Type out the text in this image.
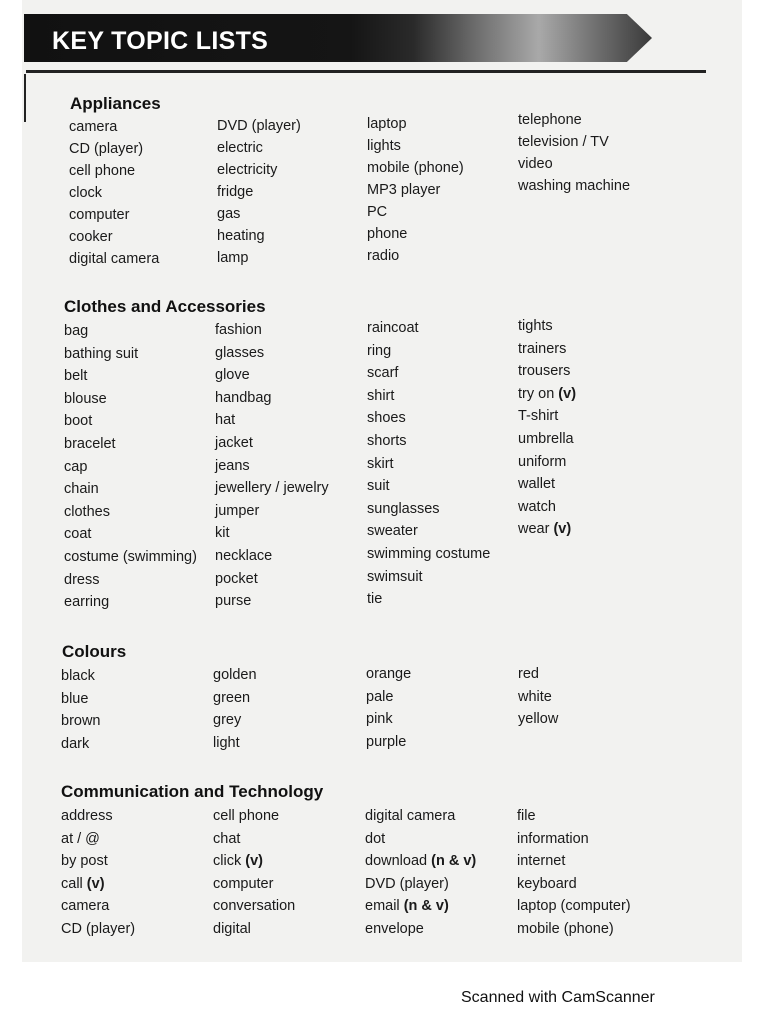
KEY TOPIC LISTS
Appliances
camera
CD (player)
cell phone
clock
computer
cooker
digital camera
DVD (player)
electric
electricity
fridge
gas
heating
lamp
laptop
lights
mobile (phone)
MP3 player
PC
phone
radio
telephone
television / TV
video
washing machine
Clothes and Accessories
bag
bathing suit
belt
blouse
boot
bracelet
cap
chain
clothes
coat
costume (swimming)
dress
earring
fashion
glasses
glove
handbag
hat
jacket
jeans
jewellery / jewelry
jumper
kit
necklace
pocket
purse
raincoat
ring
scarf
shirt
shoes
shorts
skirt
suit
sunglasses
sweater
swimming costume
swimsuit
tie
tights
trainers
trousers
try on (v)
T-shirt
umbrella
uniform
wallet
watch
wear (v)
Colours
black
blue
brown
dark
golden
green
grey
light
orange
pale
pink
purple
red
white
yellow
Communication and Technology
address
at / @
by post
call (v)
camera
CD (player)
cell phone
chat
click (v)
computer
conversation
digital
digital camera
dot
download (n & v)
DVD (player)
email (n & v)
envelope
file
information
internet
keyboard
laptop (computer)
mobile (phone)
Scanned with CamScanner
